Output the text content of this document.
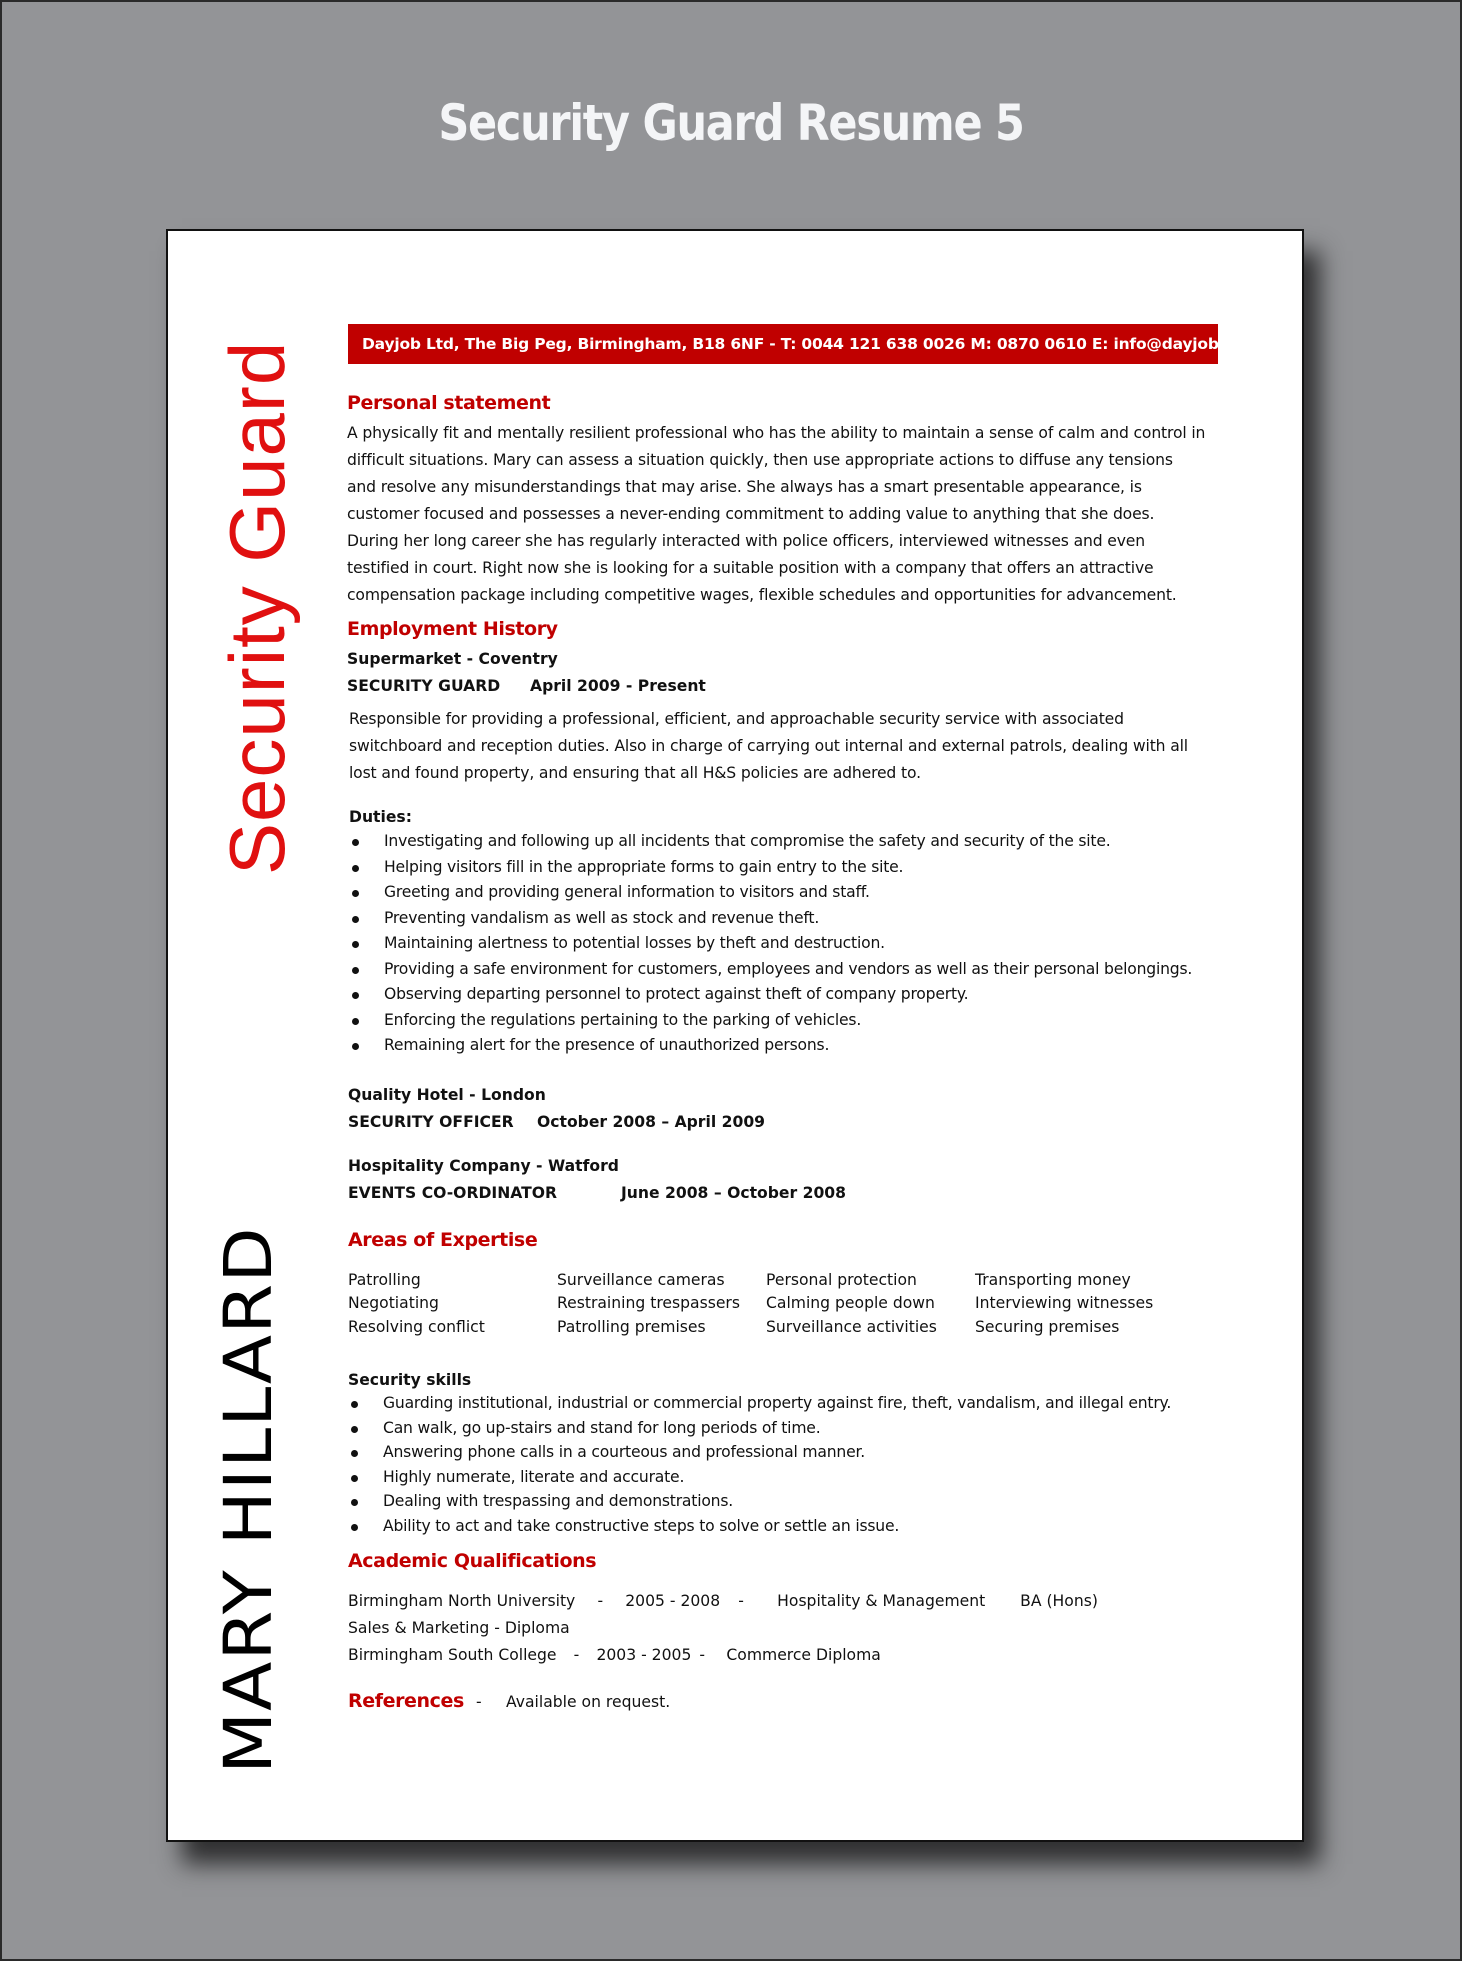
Security Guard Resume 5
Security Guard
MARY HILLARD
Dayjob Ltd, The Big Peg, Birmingham, B18 6NF - T: 0044 121 638 0026 M: 0870 0610 E: info@dayjob.com
Personal statement

A physically fit and mentally resilient professional who has the ability to maintain a sense of calm and control in

difficult situations. Mary can assess a situation quickly, then use appropriate actions to diffuse any tensions

and resolve any misunderstandings that may arise. She always has a smart presentable appearance, is

customer focused and possesses a never-ending commitment to adding value to anything that she does.

During her long career she has regularly interacted with police officers, interviewed witnesses and even

testified in court. Right now she is looking for a suitable position with a company that offers an attractive

compensation package including competitive wages, flexible schedules and opportunities for advancement.

Employment History
Supermarket - Coventry
SECURITY GUARD April 2009 - Present

Responsible for providing a professional, efficient, and approachable security service with associated

switchboard and reception duties. Also in charge of carrying out internal and external patrols, dealing with all

lost and found property, and ensuring that all H&S policies are adhered to.

Duties:
Investigating and following up all incidents that compromise the safety and security of the site.
Helping visitors fill in the appropriate forms to gain entry to the site.
Greeting and providing general information to visitors and staff.
Preventing vandalism as well as stock and revenue theft.
Maintaining alertness to potential losses by theft and destruction.
Providing a safe environment for customers, employees and vendors as well as their personal belongings.
Observing departing personnel to protect against theft of company property.
Enforcing the regulations pertaining to the parking of vehicles.
Remaining alert for the presence of unauthorized persons.
Quality Hotel - London
SECURITY OFFICER October 2008 – April 2009
Hospitality Company - Watford
EVENTS CO-ORDINATOR	June 2008 – October 2008
Areas of Expertise
Patrolling	Surveillance cameras	Personal protection	Transporting money
Negotiating	Restraining trespassers	Calming people down	Interviewing witnesses
Resolving conflict	Patrolling premises	Surveillance activities	Securing premises
Security skills
Guarding institutional, industrial or commercial property against fire, theft, vandalism, and illegal entry.
Can walk, go up-stairs and stand for long periods of time.
Answering phone calls in a courteous and professional manner.
Highly numerate, literate and accurate.
Dealing with trespassing and demonstrations.
Ability to act and take constructive steps to solve or settle an issue.
Academic Qualifications
Birmingham North University - 2005 - 2008 - Hospitality & Management BA (Hons)
Sales & Marketing - Diploma
Birmingham South College - 2003 - 2005 - Commerce Diploma
References - Available on request.
